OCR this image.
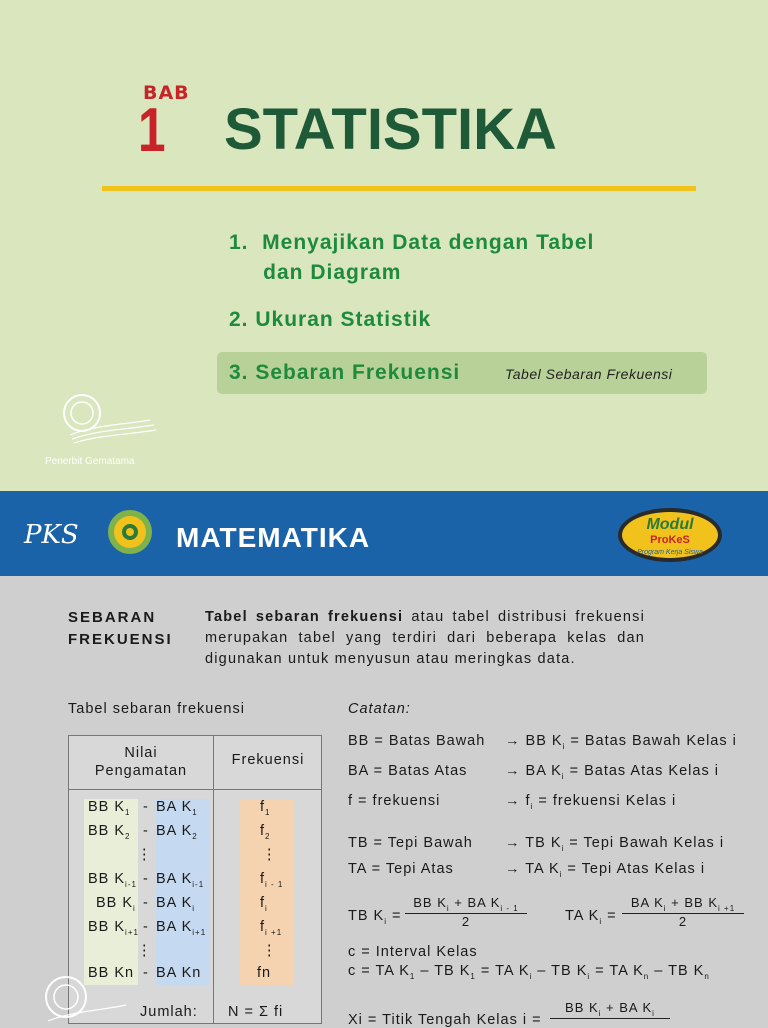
BAB
1 STATISTIKA
1.  Menyajikan Data dengan Tabel
dan Diagram
2. Ukuran Statistik
3. Sebaran Frekuensi	Tabel Sebaran Frekuensi
Penerbit Gematama
PKS	MATEMATIKA	Modul
ProKeS
Program Kerja Siswa
SEBARAN
FREKUENSI
Tabel sebaran frekuensi atau tabel distribusi frekuensi merupakan tabel yang terdiri dari beberapa kelas dan digunakan untuk menyusun atau meringkas data.
Tabel sebaran frekuensi
Nilai
Pengamatan
Frekuensi
BB $K_1$ - BA $K_1$	$f_1$
BB $K_2$ - BA $K_2$	$f_2$
⋮	⋮
BB $K_{i-1}$ - BA $K_{i-1}$	$f_{i - 1}$
BB $K_i$ - BA $K_i$	$f_i$
BB $K_{i+1}$ - BA $K_{i+1}$	$f_{i +1}$
⋮	⋮
BB Kn - BA Kn	fn
Jumlah: N = Σ fi
Catatan:
BB = Batas Bawah → BB $K_i$ = Batas Bawah Kelas i
BA = Batas Atas	→ BA $K_i$ = Batas Atas Kelas i
f = frekuensi	→ $f_i$ = frekuensi Kelas i
TB = Tepi Bawah → TB $K_i$ = Tepi Bawah Kelas i
TA = Tepi Atas	→ TA $K_i$ = Tepi Atas Kelas i
TB $K_i$ =
BB $K_i$ + BA $K_{i - 1}$
2	TA $K_i$ =
BA $K_i$ + BB $K_{i +1}$
2
c = Interval Kelas
c = TA $K_1$ – TB $K_1$ = TA $K_i$ – TB $K_i$ = TA $K_n$ – TB $K_n$
Xi = Titik Tengah Kelas i =
BB $K_i$ + BA $K_i$
